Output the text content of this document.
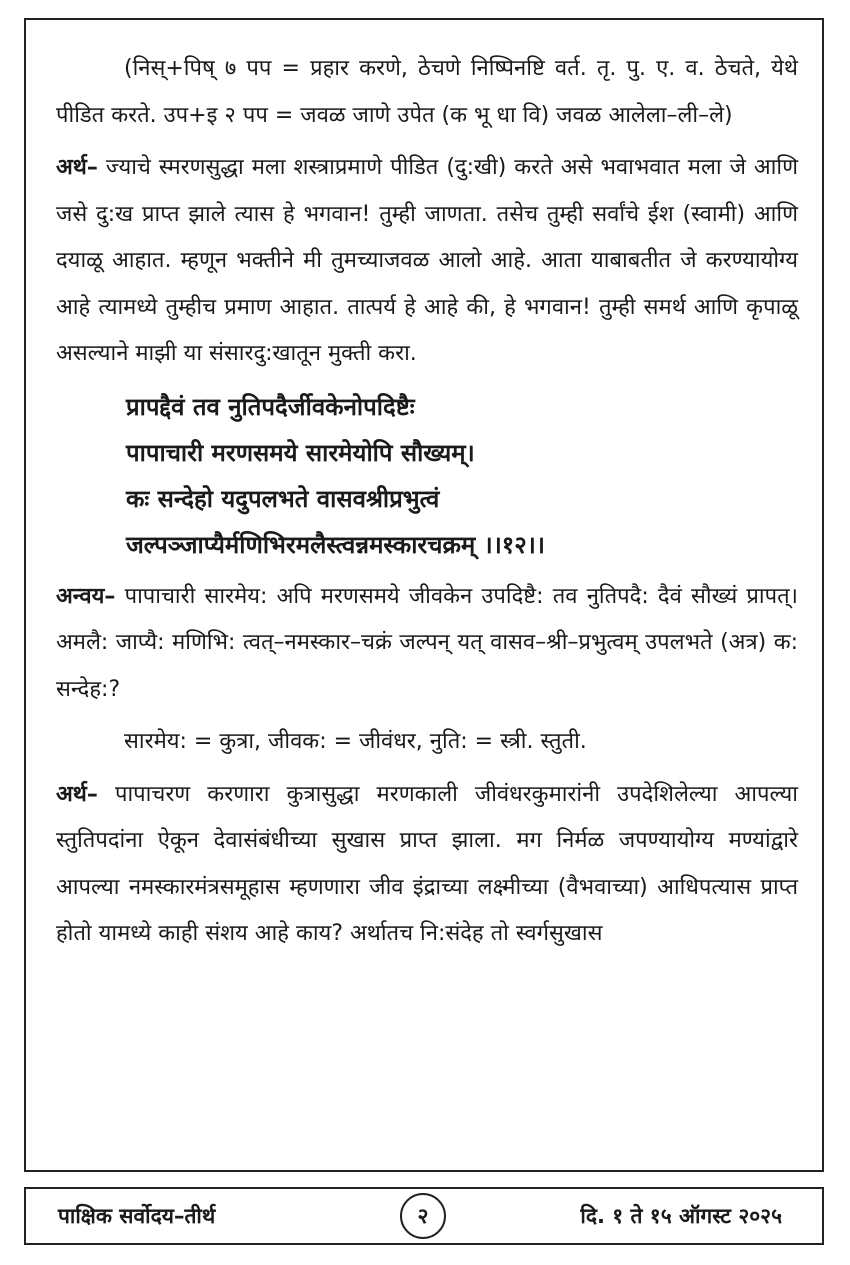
(निस्+पिष् ७ पप = प्रहार करणे, ठेचणे निष्पिनष्टि वर्त. तृ. पु. ए. व. ठेचते, येथे पीडित करते. उप+इ २ पप = जवळ जाणे उपेत (क भू धा वि) जवळ आलेला–ली–ले)

अर्थ– ज्याचे स्मरणसुद्धा मला शस्त्राप्रमाणे पीडित (दु:खी) करते असे भवाभवात मला जे आणि जसे दु:ख प्राप्त झाले त्यास हे भगवान! तुम्ही जाणता. तसेच तुम्ही सर्वांचे ईश (स्वामी) आणि दयाळू आहात. म्हणून भक्तीने मी तुमच्याजवळ आलो आहे. आता याबाबतीत जे करण्यायोग्य आहे त्यामध्ये तुम्हीच प्रमाण आहात. तात्पर्य हे आहे की, हे भगवान! तुम्ही समर्थ आणि कृपाळू असल्याने माझी या संसारदु:खातून मुक्ती करा.

प्रापद्दैवं तव नुतिपदैर्जीवकेनोपदिष्टैः
पापाचारी मरणसमये सारमेयोपि सौख्यम्।
कः सन्देहो यदुपलभते वासवश्रीप्रभुत्वं
जल्पञ्जाप्यैर्मणिभिरमलैस्त्वन्नमस्कारचक्रम् ।।१२।।

अन्वय– पापाचारी सारमेय: अपि मरणसमये जीवकेन उपदिष्टै: तव नुतिपदै: दैवं सौख्यं प्रापत्। अमलै: जाप्यै: मणिभि: त्वत्–नमस्कार–चक्रं जल्पन् यत् वासव–श्री–प्रभुत्वम् उपलभते (अत्र) क: सन्देह:?

सारमेय: = कुत्रा, जीवक: = जीवंधर, नुति: = स्त्री. स्तुती.

अर्थ– पापाचरण करणारा कुत्रासुद्धा मरणकाली जीवंधरकुमारांनी उपदेशिलेल्या आपल्या स्तुतिपदांना ऐकून देवासंबंधीच्या सुखास प्राप्त झाला. मग निर्मळ जपण्यायोग्य मण्यांद्वारे आपल्या नमस्कारमंत्रसमूहास म्हणणारा जीव इंद्राच्या लक्ष्मीच्या (वैभवाच्या) आधिपत्यास प्राप्त होतो यामध्ये काही संशय आहे काय? अर्थातच नि:संदेह तो स्वर्गसुखास

पाक्षिक सर्वोदय–तीर्थ	२	दि. १ ते १५ ऑगस्ट २०२५
